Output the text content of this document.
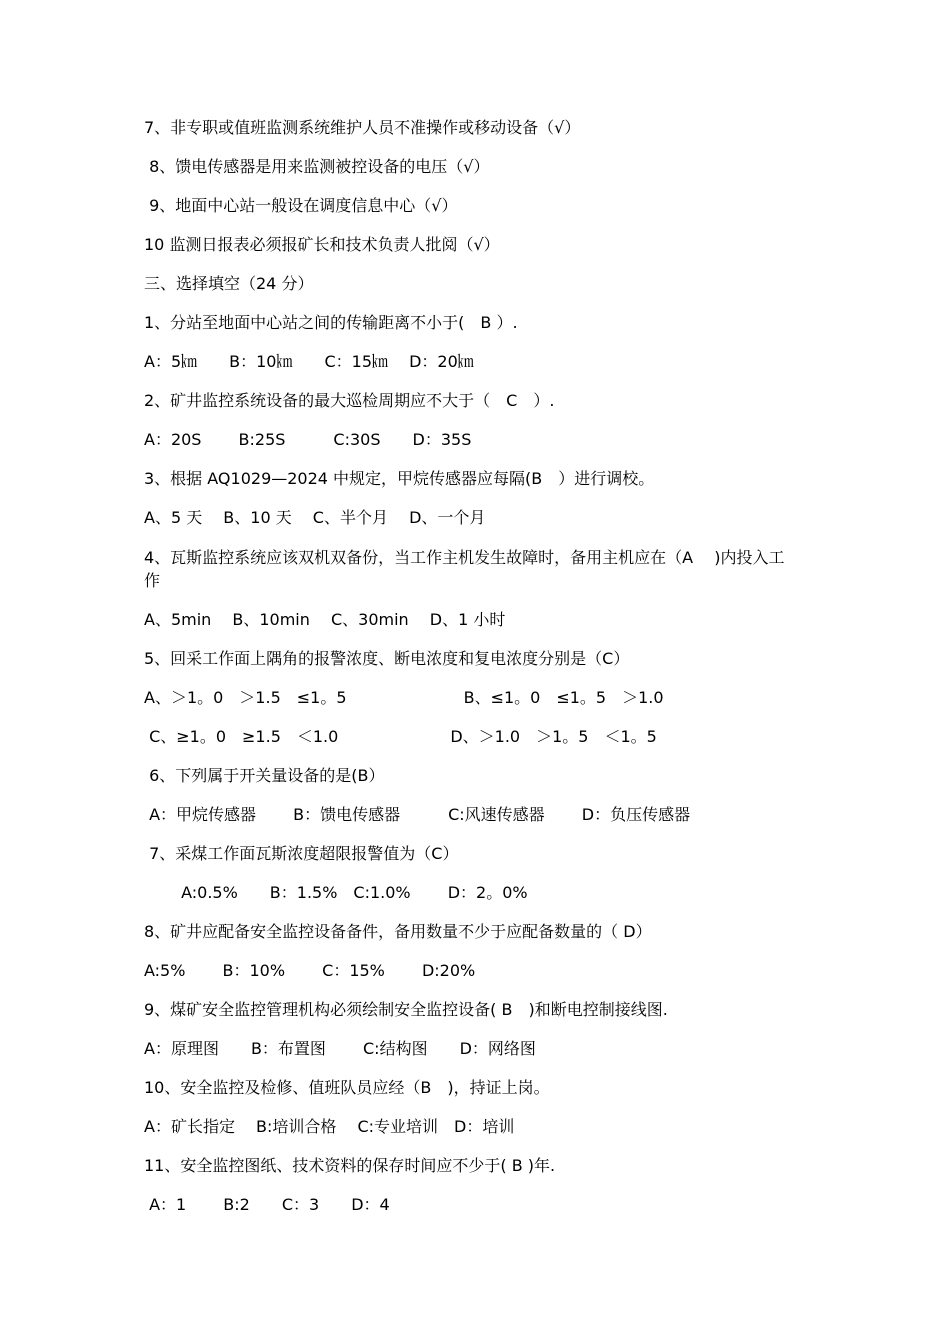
7、非专职或值班监测系统维护人员不准操作或移动设备（√）
8、馈电传感器是用来监测被控设备的电压（√）
9、地面中心站一般设在调度信息中心（√）
10 监测日报表必须报矿长和技术负责人批阅（√）
三、选择填空（24 分）
1、分站至地面中心站之间的传输距离不小于(　B ）.
A：5㎞　　B：10㎞　　C：15㎞　 D：20㎞
2、矿井监控系统设备的最大巡检周期应不大于（　C　）.
A：20S　　 B:25S　　　C:30S　　D：35S
3、根据 AQ1029—2024 中规定，甲烷传感器应每隔(B　）进行调校。
A、5 天　 B、10 天　 C、半个月　 D、一个月
4、瓦斯监控系统应该双机双备份，当工作主机发生故障时，备用主机应在（A　 )内投入工作
A、5min　 B、10min　 C、30min　 D、1 小时
5、回采工作面上隅角的报警浓度、断电浓度和复电浓度分别是（C）
A、＞1。0　＞1.5　≤1。5　　　　　　　 B、≤1。0　≤1。5　＞1.0
C、≥1。0　≥1.5　＜1.0　　　　　　　D、＞1.0　＞1。5　＜1。5
6、下列属于开关量设备的是(B）
A：甲烷传感器　　 B：馈电传感器　　　C:风速传感器　　 D：负压传感器
7、采煤工作面瓦斯浓度超限报警值为（C）
　　 A:0.5%　　B：1.5%　C:1.0%　　 D：2。0%
8、矿井应配备安全监控设备备件，备用数量不少于应配备数量的（ D）
A:5%　　 B：10%　　 C：15%　　 D:20%
9、煤矿安全监控管理机构必须绘制安全监控设备( B　)和断电控制接线图.
A：原理图　　B：布置图　　 C:结构图　　D：网络图
10、安全监控及检修、值班队员应经（B　)，持证上岗。
A：矿长指定　 B:培训合格　 C:专业培训　D：培训
11、安全监控图纸、技术资料的保存时间应不少于( B )年.
A：1　　 B:2　　C：3　　D：4
